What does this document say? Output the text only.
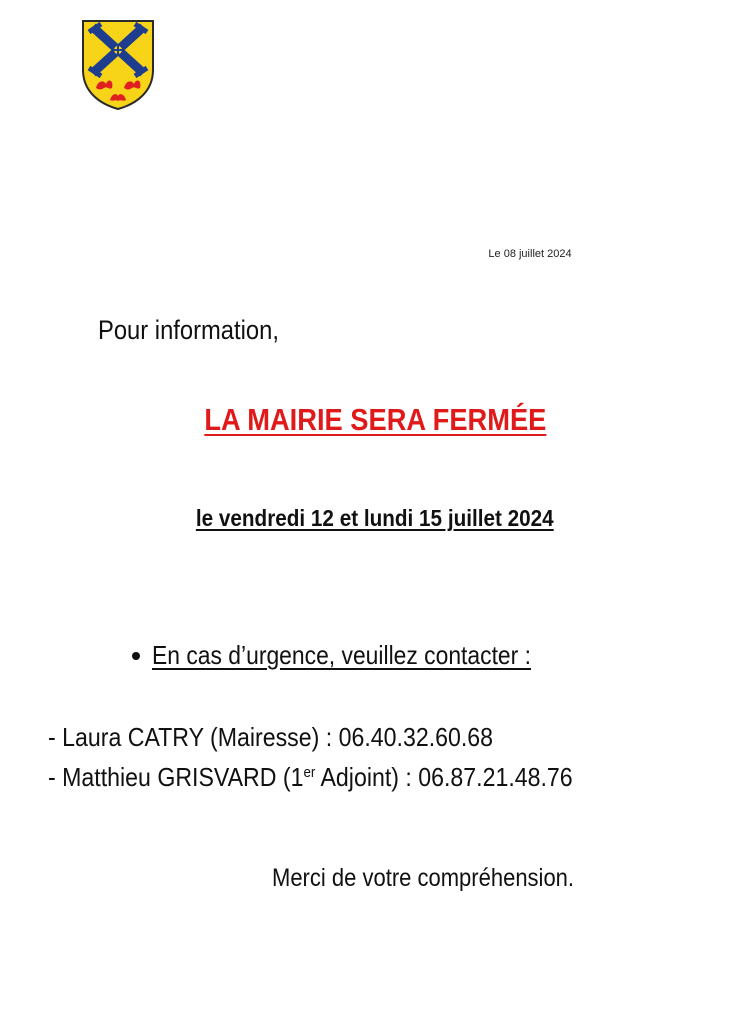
Le 08 juillet 2024
Pour information,
LA MAIRIE SERA FERMÉE
le vendredi 12 et lundi 15 juillet 2024
En cas d’urgence, veuillez contacter :
- Laura CATRY (Mairesse) : 06.40.32.60.68
- Matthieu GRISVARD (1er Adjoint) : 06.87.21.48.76
Merci de votre compréhension.
